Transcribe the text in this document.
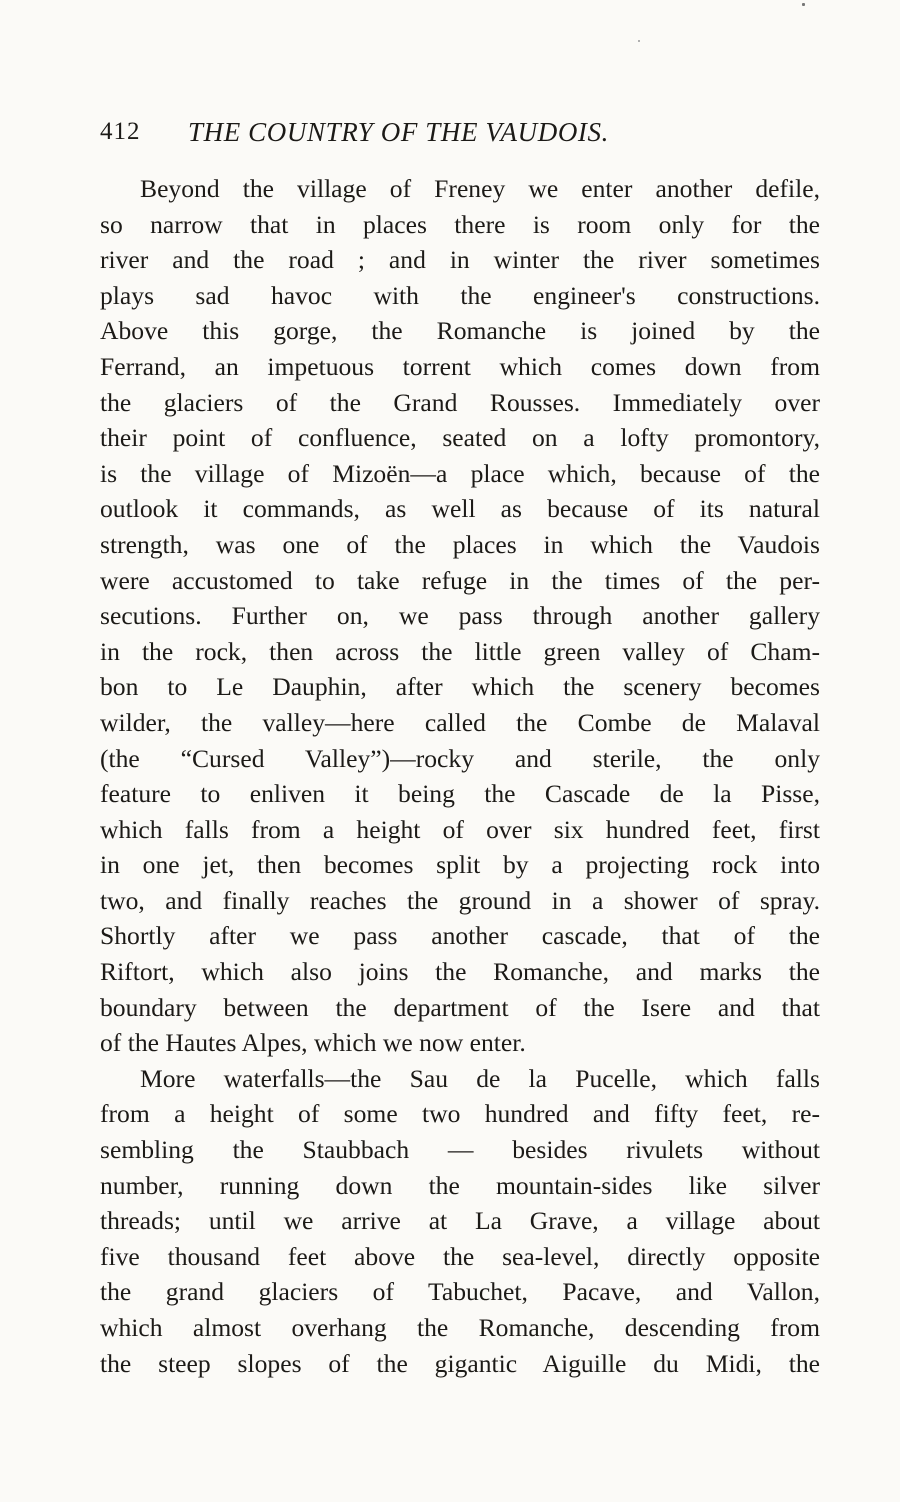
412 THE COUNTRY OF THE VAUDOIS.

Beyond the village of Freney we enter another defile,
so narrow that in places there is room only for the
river and the road ; and in winter the river sometimes
plays sad havoc with the engineer's constructions.
Above this gorge, the Romanche is joined by the
Ferrand, an impetuous torrent which comes down from
the glaciers of the Grand Rousses. Immediately over
their point of confluence, seated on a lofty promontory,
is the village of Mizoën—a place which, because of the
outlook it commands, as well as because of its natural
strength, was one of the places in which the Vaudois
were accustomed to take refuge in the times of the per-
secutions. Further on, we pass through another gallery
in the rock, then across the little green valley of Cham-
bon to Le Dauphin, after which the scenery becomes
wilder, the valley—here called the Combe de Malaval
(the “Cursed Valley”)—rocky and sterile, the only
feature to enliven it being the Cascade de la Pisse,
which falls from a height of over six hundred feet, first
in one jet, then becomes split by a projecting rock into
two, and finally reaches the ground in a shower of spray.
Shortly after we pass another cascade, that of the
Riftort, which also joins the Romanche, and marks the
boundary between the department of the Isere and that
of the Hautes Alpes, which we now enter.

More waterfalls—the Sau de la Pucelle, which falls
from a height of some two hundred and fifty feet, re-
sembling the Staubbach — besides rivulets without
number, running down the mountain-sides like silver
threads; until we arrive at La Grave, a village about
five thousand feet above the sea-level, directly opposite
the grand glaciers of Tabuchet, Pacave, and Vallon,
which almost overhang the Romanche, descending from
the steep slopes of the gigantic Aiguille du Midi, the
